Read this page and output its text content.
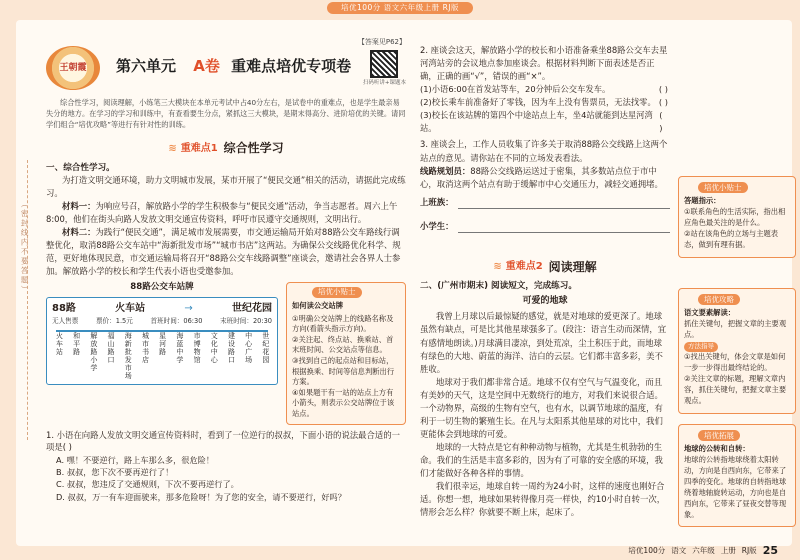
培优100分 语文六年级上册 RJ版
（密封线内不要答题）
王朝霞 第六单元 A卷 重难点培优专项卷
【答案见P62】
扫码听讲+课题本

综合性学习，阅读理解，小练笔三大模块在本单元考试中占40分左右，是试卷中的重难点，也是学生最亲易失分的地方。在学习的学习和训练中，有查看要生分点，紧抓这三大模块，是期末得高分、进阶培优的关键。请同学们组合“培优攻略”等进行有针对性的训练。

≋ 重难点1 综合性学习
一、综合性学习。

为打造文明交通环境，助力文明城市发展，某市开展了“便民交通”相关的活动，请据此完成练习。

材料一：为响应号召，解放路小学的学生积极参与“便民交通”活动，争当志愿者。周六上午8:00，他们在街头向路人发放文明交通宣传资料，呼吁市民遵守交通规则，文明出行。

材料二：为践行“便民交通”，满足城市发展需要，市交通运输局开始对88路公交车路线行调整优化，取消88路公交车站中“海新批发市场”“城市书店”这两站。为确保公交线路优化科学、规范，更好地体现民意，市交通运输局将召开“88路公交车线路调整”座谈会，邀请社会各界人士参加。解放路小学的校长和学生代表小语也受邀参加。

88路公交车站牌
88路	火车站	→	世纪花园
无人售票	票价：1.5元	首班时间：06:30	末班时间：20:30
火车站 和平路 解放路小学 福山路口 海新批发市场 城市书店 星河路 海蓝中学 市博物馆 文化中心 建设路口 中心广场 世纪花园
培优小贴士
如何读公交站牌
①明确公交站牌上的线路名称及方向(看箭头指示方向)。
②关注起、终点站、换乘站、首末班时间、公交站点等信息。
③找到自己的起点站和目标站，根据换乘、时间等信息判断出行方案。
④如果题干有一站的站点上方有小箭头，则表示公交站牌位于该站点。
1. 小语在向路人发放文明交通宣传资料时，看到了一位逆行的叔叔，下面小语的说法最合适的一项是( )
A. 嘿！不要逆行，路上车那么多，很危险！
B. 叔叔，您下次不要再逆行了！
C. 叔叔，您违反了交通规则，下次不要再逆行了。
D. 叔叔，万一有车迎面驶来，那多危险呀！为了您的安全，请不要逆行，好吗？
2. 座谈会这天，解放路小学的校长和小语准备乘坐88路公交车去星河湾站旁的会议地点参加座谈会。根据材料判断下面表述是否正确，正确的画“√”，错误的画“×”。
(1)小语6:00在首发站等车，20分钟后公交车发车。	( )
(2)校长乘车前准备好了零钱，因为车上没有售票员，无法找零。 ( )
(3)校长在该站牌的第四个中途站点上车，坐4站就能到达星河湾站。
( )
3. 座谈会上，工作人员收集了许多关于取消88路公交线路上这两个站点的意见。请你站在不同的立场发表看法。
线路规划员：88路公交线路运送过于密集，其多数站点位于市中心，取消这两个站点有助于缓解市中心交通压力，减轻交通拥堵。
上班族：
小学生：
≋ 重难点2 阅读理解
二、(广州市期末) 阅读短文，完成练习。
可爱的地球

我曾上月球以后最惊疑的感觉，就是对地球的爱更深了。地球虽然有缺点，可是比其他星球强多了。(段注：语言生动而深情，宜有感情地朗读。)月球满目凄凉，到处荒凉，尘土积压于此，而地球有绿色的大地、蔚蓝的海洋、洁白的云层。它们都丰富多彩，美不胜收。

地球对于我们都非常合适。地球不仅有空气与气温变化，而且有美妙的天气，这是空间中无数绕行的地方，对我们来说很合适。一个动物界，高级的生物有空气，也有水，以调节地球的温度，有利于一切生物的繁殖生长。在凡与太阳系其他星球的对比中，我们更能体会到地球的可爱。

地球的一大特点是它有种种动物与植物，尤其是生机勃勃的生命。我们的生活是丰富多彩的，因为有了可靠的安全感的环境，我们才能做好各种各样的事情。

我们很幸运，地球自转一周约为24小时，这样的速度也刚好合适。你想一想，地球如果转得像月亮一样快，约10小时自转一次，情形会怎么样？你就要不断上床，起床了。

培优小贴士
答题指示：
①联系角色的生活实际，指出相应角色最关注的是什么。
②站在该角色的立场与主题表态，做到有理有据。
培优攻略
语文要素解读：
抓住关键句，把握文章的主要观点。
方法指导
①找出关键句，体会文章是如何一步一步得出最终结论的。
②关注文章的标题，理解文章内容，抓住关键句，把握文章主要观点。
培优拓展
地球的公转和自转：
地球的公转指地球绕着太阳转动，方向是自西向东，它带来了四季的变化。地球的自转指地球绕着地轴旋转运动，方向也是自西向东，它带来了昼夜交替等现象。
培优100分 语文 六年级 上册 RJ版 25
